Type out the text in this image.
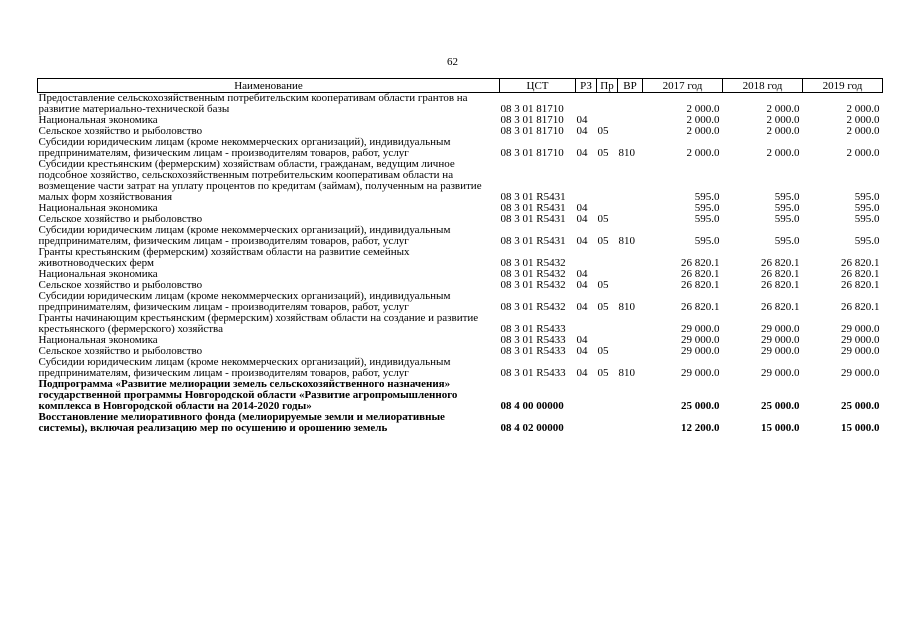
62
Наименование	ЦСТ	РЗ	Пр	ВР	2017 год	2018 год	2019 год
Предоставление сельскохозяйственным потребительским кооперативам области грантов на развитие материально-технической базы	08 3 01 81710				2 000.0	2 000.0	2 000.0
Национальная экономика	08 3 01 81710	04			2 000.0	2 000.0	2 000.0
Сельское хозяйство и рыболовство	08 3 01 81710	04	05		2 000.0	2 000.0	2 000.0
Субсидии юридическим лицам (кроме некоммерческих организаций), индивидуальным предпринимателям, физическим лицам - производителям товаров, работ, услуг	08 3 01 81710	04	05	810	2 000.0	2 000.0	2 000.0
Субсидии крестьянским (фермерским) хозяйствам области, гражданам, ведущим личное подсобное хозяйство, сельскохозяйственным потребительским кооперативам области на возмещение части затрат на уплату процентов по кредитам (займам), полученным на развитие малых форм хозяйствования	08 3 01 R5431				595.0	595.0	595.0
Национальная экономика	08 3 01 R5431	04			595.0	595.0	595.0
Сельское хозяйство и рыболовство	08 3 01 R5431	04	05		595.0	595.0	595.0
Субсидии юридическим лицам (кроме некоммерческих организаций), индивидуальным предпринимателям, физическим лицам - производителям товаров, работ, услуг	08 3 01 R5431	04	05	810	595.0	595.0	595.0
Гранты крестьянским (фермерским) хозяйствам области на развитие семейных животноводческих ферм	08 3 01 R5432				26 820.1	26 820.1	26 820.1
Национальная экономика	08 3 01 R5432	04			26 820.1	26 820.1	26 820.1
Сельское хозяйство и рыболовство	08 3 01 R5432	04	05		26 820.1	26 820.1	26 820.1
Субсидии юридическим лицам (кроме некоммерческих организаций), индивидуальным предпринимателям, физическим лицам - производителям товаров, работ, услуг	08 3 01 R5432	04	05	810	26 820.1	26 820.1	26 820.1
Гранты начинающим крестьянским (фермерским) хозяйствам области на создание и развитие крестьянского (фермерского) хозяйства	08 3 01 R5433				29 000.0	29 000.0	29 000.0
Национальная экономика	08 3 01 R5433	04			29 000.0	29 000.0	29 000.0
Сельское хозяйство и рыболовство	08 3 01 R5433	04	05		29 000.0	29 000.0	29 000.0
Субсидии юридическим лицам (кроме некоммерческих организаций), индивидуальным предпринимателям, физическим лицам - производителям товаров, работ, услуг	08 3 01 R5433	04	05	810	29 000.0	29 000.0	29 000.0
Подпрограмма «Развитие мелиорации земель сельскохозяйственного назначения» государственной программы Новгородской области «Развитие агропромышленного комплекса в Новгородской области на 2014-2020 годы»	08 4 00 00000				25 000.0	25 000.0	25 000.0
Восстановление мелиоративного фонда (мелиорируемые земли и мелиоративные системы), включая реализацию мер по осушению и орошению земель	08 4 02 00000				12 200.0	15 000.0	15 000.0
